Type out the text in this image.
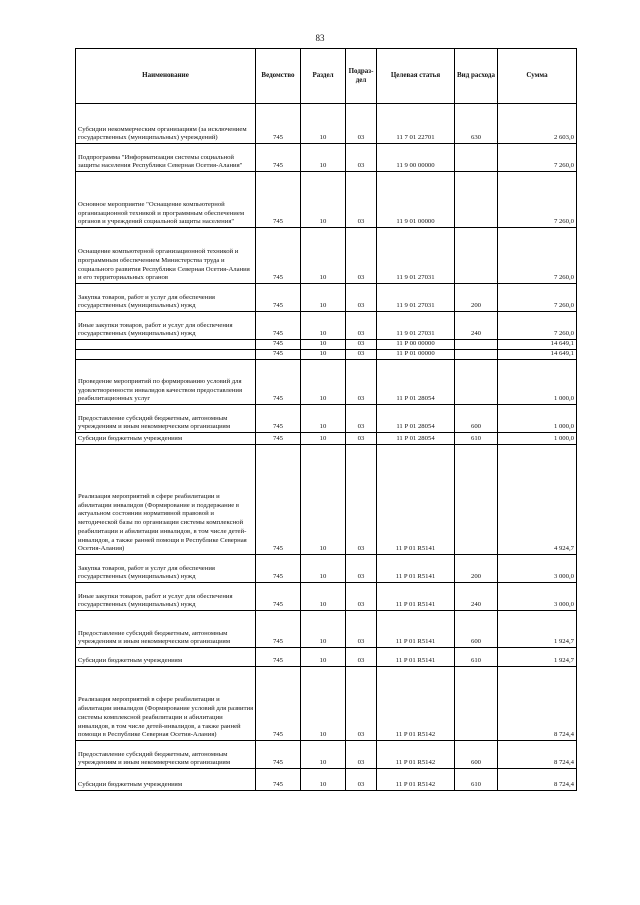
83
Наименование	Ведомство	Раздел	Подраз-дел	Целевая статья	Вид расхода	Сумма
Субсидии некоммерческим организациям (за исключением государственных (муниципальных) учреждений)	745	10	03	11 7 01 22701	630	2 603,0
Подпрограмма "Информатизация системы социальной защиты населения Республики Северная Осетия-Алания"	745	10	03	11 9 00 00000		7 260,0
Основное мероприятие "Оснащение компьютерной организационной техникой и программным обеспечением органов и учреждений социальной защиты населения"	745	10	03	11 9 01 00000		7 260,0
Оснащение компьютерной организационной техникой и программным обеспечением Министерства труда и социального развития Республики Северная Осетия-Алания и его территориальных органов	745	10	03	11 9 01 27031		7 260,0
Закупка товаров, работ и услуг для обеспечения государственных (муниципальных) нужд	745	10	03	11 9 01 27031	200	7 260,0
Иные закупки товаров, работ и услуг для обеспечения государственных (муниципальных) нужд	745	10	03	11 9 01 27031	240	7 260,0
	745	10	03	11 P 00 00000		14 649,1
	745	10	03	11 P 01 00000		14 649,1
Проведение мероприятий по формированию условий для удовлетворенности инвалидов качеством предоставления реабилитационных услуг	745	10	03	11 P 01 28054		1 000,0
Предоставление субсидий бюджетным, автономным учреждениям и иным некоммерческим организациям	745	10	03	11 P 01 28054	600	1 000,0
Субсидии бюджетным учреждениям	745	10	03	11 P 01 28054	610	1 000,0
Реализация мероприятий в сфере реабилитации и абилитации инвалидов (Формирование и поддержание в актуальном состоянии нормативной правовой и методической базы по организации системы комплексной реабилитации и абилитации инвалидов, в том числе детей-инвалидов, а также ранней помощи в Республике Северная Осетия-Алания)	745	10	03	11 P 01 R5141		4 924,7
Закупка товаров, работ и услуг для обеспечения государственных (муниципальных) нужд	745	10	03	11 P 01 R5141	200	3 000,0
Иные закупки товаров, работ и услуг для обеспечения государственных (муниципальных) нужд	745	10	03	11 P 01 R5141	240	3 000,0
Предоставление субсидий бюджетным, автономным учреждениям и иным некоммерческим организациям	745	10	03	11 P 01 R5141	600	1 924,7
Субсидии бюджетным учреждениям	745	10	03	11 P 01 R5141	610	1 924,7
Реализация мероприятий в сфере реабилитации и абилитации инвалидов (Формирование условий для развития системы комплексной реабилитации и абилитации инвалидов, в том числе детей-инвалидов, а также ранней помощи в Республике Северная Осетия-Алания)	745	10	03	11 P 01 R5142		8 724,4
Предоставление субсидий бюджетным, автономным учреждениям и иным некоммерческим организациям	745	10	03	11 P 01 R5142	600	8 724,4
Субсидии бюджетным учреждениям	745	10	03	11 P 01 R5142	610	8 724,4
